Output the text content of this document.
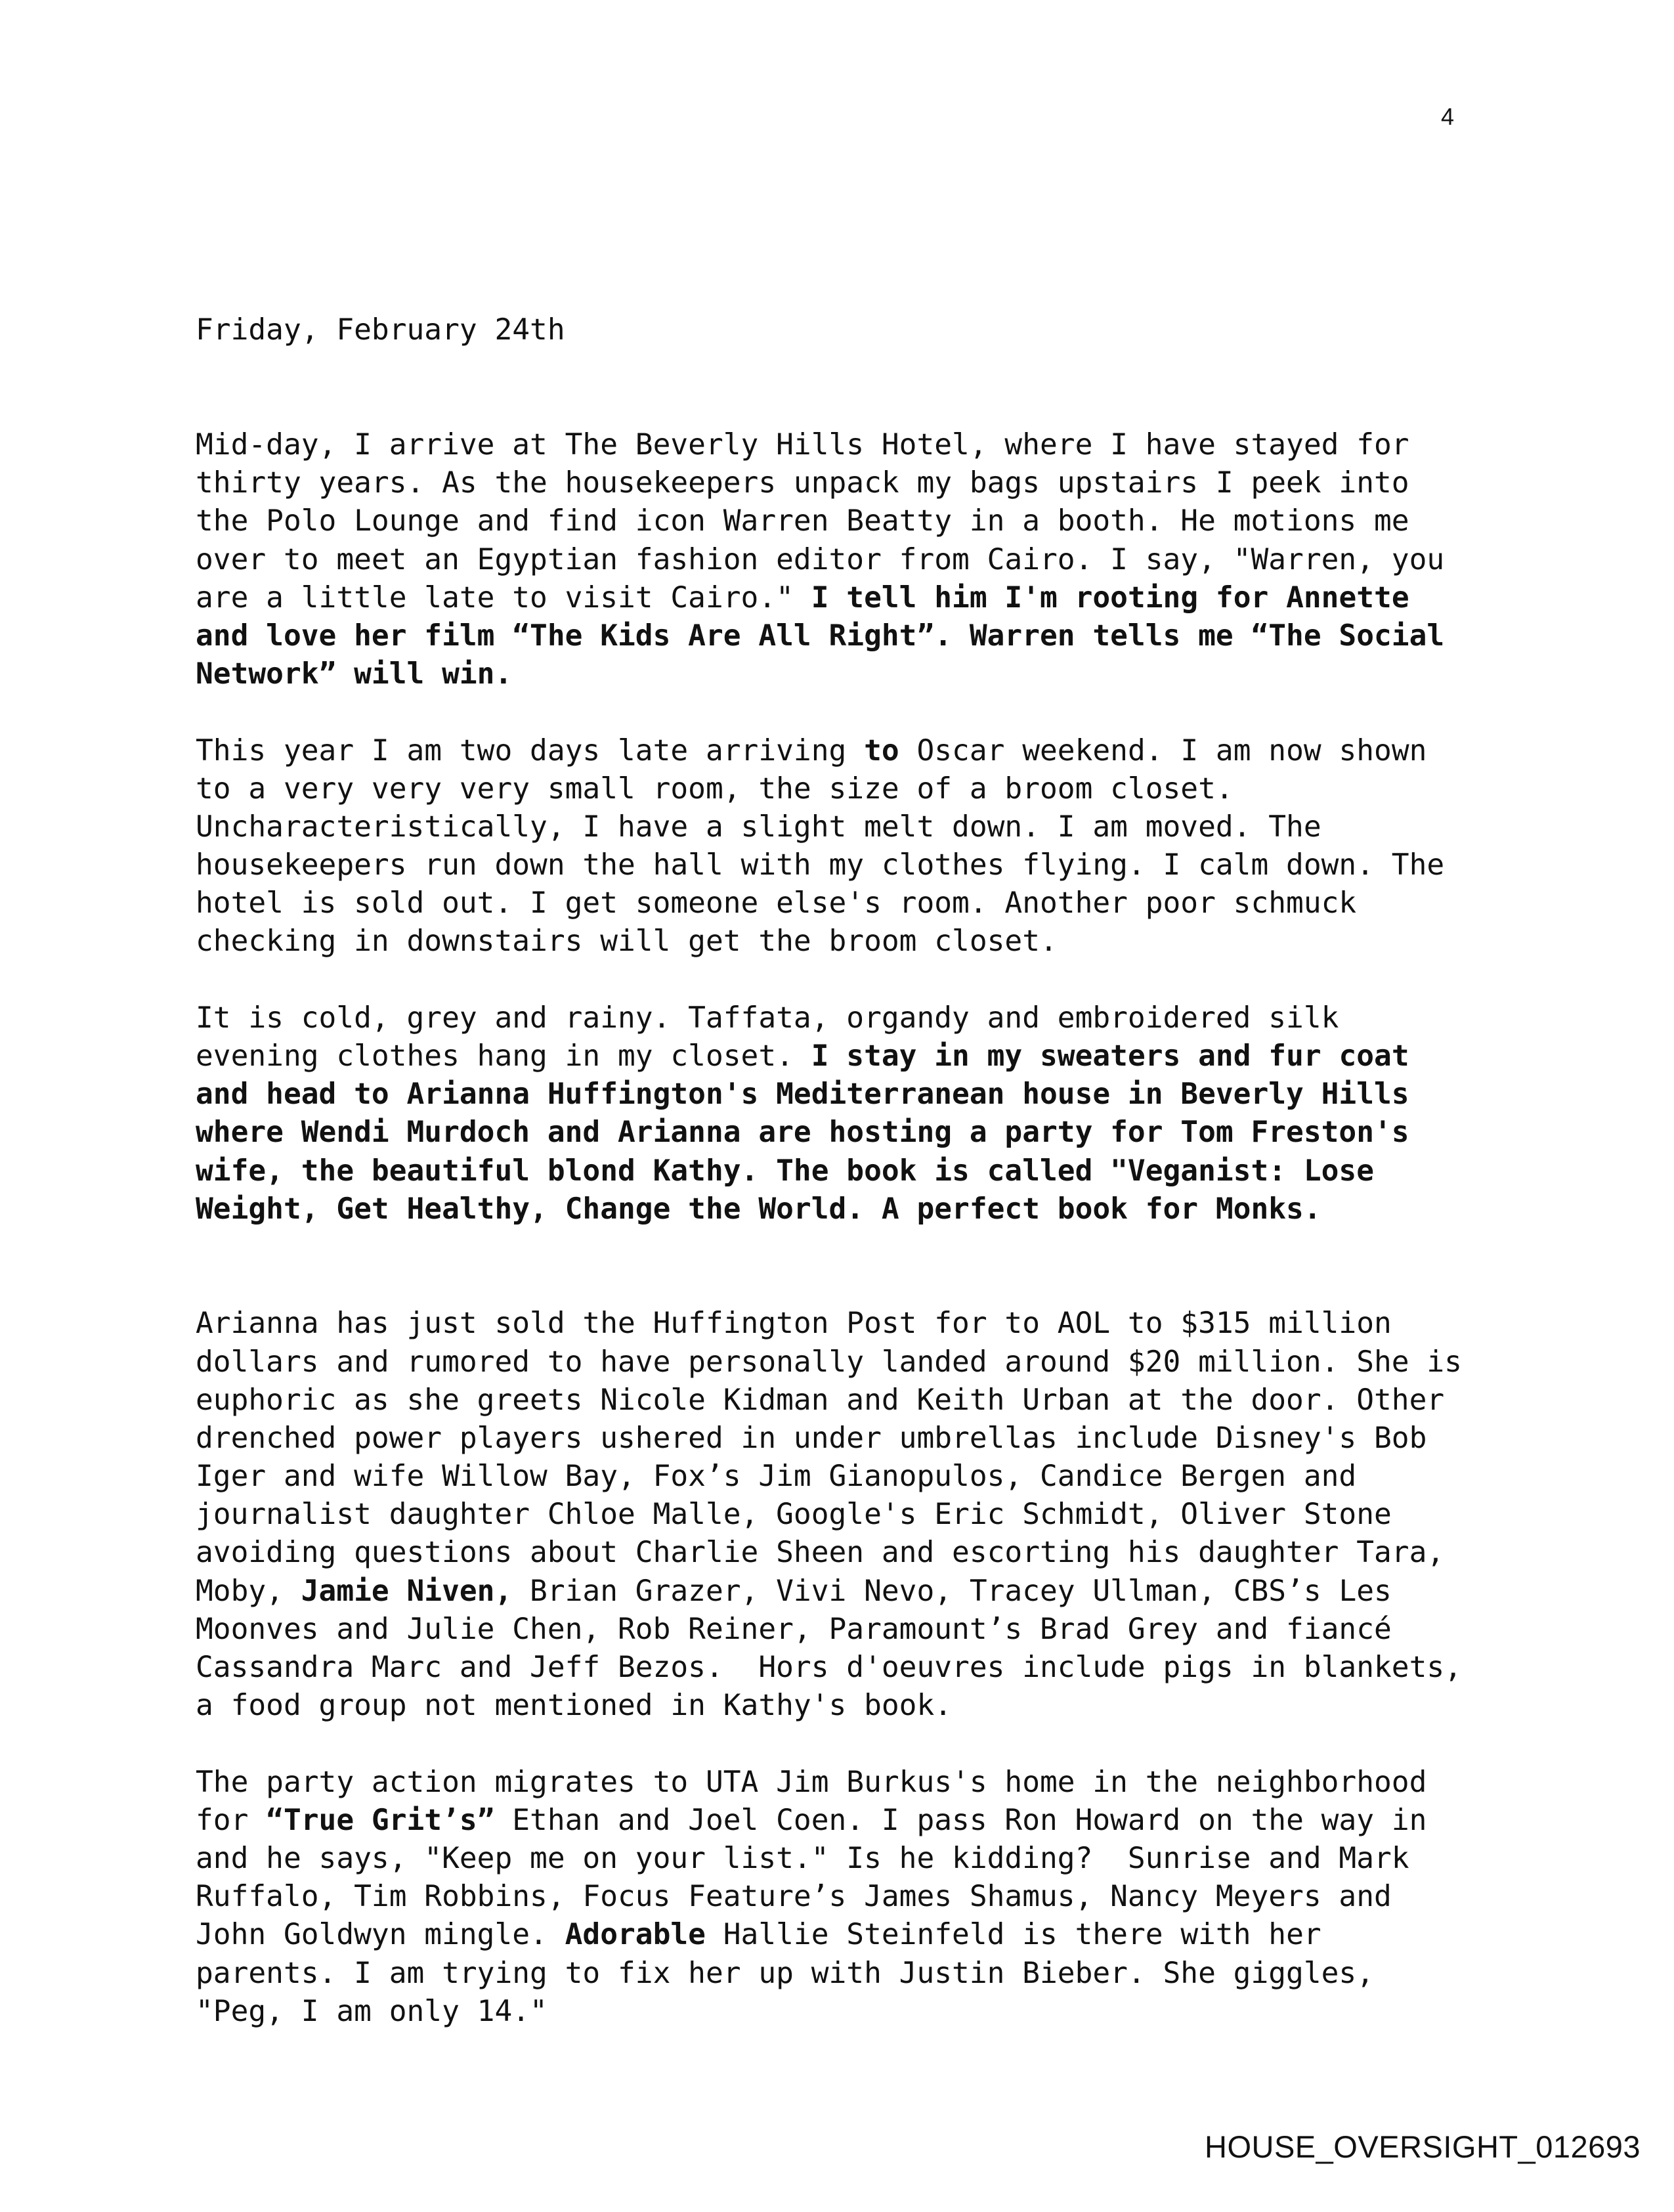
4

Friday, February 24th

Mid-day, I arrive at The Beverly Hills Hotel, where I have stayed for
thirty years. As the housekeepers unpack my bags upstairs I peek into
the Polo Lounge and find icon Warren Beatty in a booth. He motions me
over to meet an Egyptian fashion editor from Cairo. I say, "Warren, you
are a little late to visit Cairo." I tell him I'm rooting for Annette
and love her film “The Kids Are All Right”. Warren tells me “The Social
Network” will win.
This year I am two days late arriving to Oscar weekend. I am now shown
to a very very very small room, the size of a broom closet.
Uncharacteristically, I have a slight melt down. I am moved. The
housekeepers run down the hall with my clothes flying. I calm down. The
hotel is sold out. I get someone else's room. Another poor schmuck
checking in downstairs will get the broom closet.
It is cold, grey and rainy. Taffata, organdy and embroidered silk
evening clothes hang in my closet. I stay in my sweaters and fur coat
and head to Arianna Huffington's Mediterranean house in Beverly Hills
where Wendi Murdoch and Arianna are hosting a party for Tom Freston's
wife, the beautiful blond Kathy. The book is called "Veganist: Lose
Weight, Get Healthy, Change the World. A perfect book for Monks.
Arianna has just sold the Huffington Post for to AOL to $315 million
dollars and rumored to have personally landed around $20 million. She is
euphoric as she greets Nicole Kidman and Keith Urban at the door. Other
drenched power players ushered in under umbrellas include Disney's Bob
Iger and wife Willow Bay, Fox’s Jim Gianopulos, Candice Bergen and
journalist daughter Chloe Malle, Google's Eric Schmidt, Oliver Stone
avoiding questions about Charlie Sheen and escorting his daughter Tara,
Moby, Jamie Niven, Brian Grazer, Vivi Nevo, Tracey Ullman, CBS’s Les
Moonves and Julie Chen, Rob Reiner, Paramount’s Brad Grey and fiancé
Cassandra Marc and Jeff Bezos.  Hors d'oeuvres include pigs in blankets,
a food group not mentioned in Kathy's book.
The party action migrates to UTA Jim Burkus's home in the neighborhood
for “True Grit’s” Ethan and Joel Coen. I pass Ron Howard on the way in
and he says, "Keep me on your list." Is he kidding?  Sunrise and Mark
Ruffalo, Tim Robbins, Focus Feature’s James Shamus, Nancy Meyers and
John Goldwyn mingle. Adorable Hallie Steinfeld is there with her
parents. I am trying to fix her up with Justin Bieber. She giggles,
"Peg, I am only 14."

HOUSE_OVERSIGHT_012693
